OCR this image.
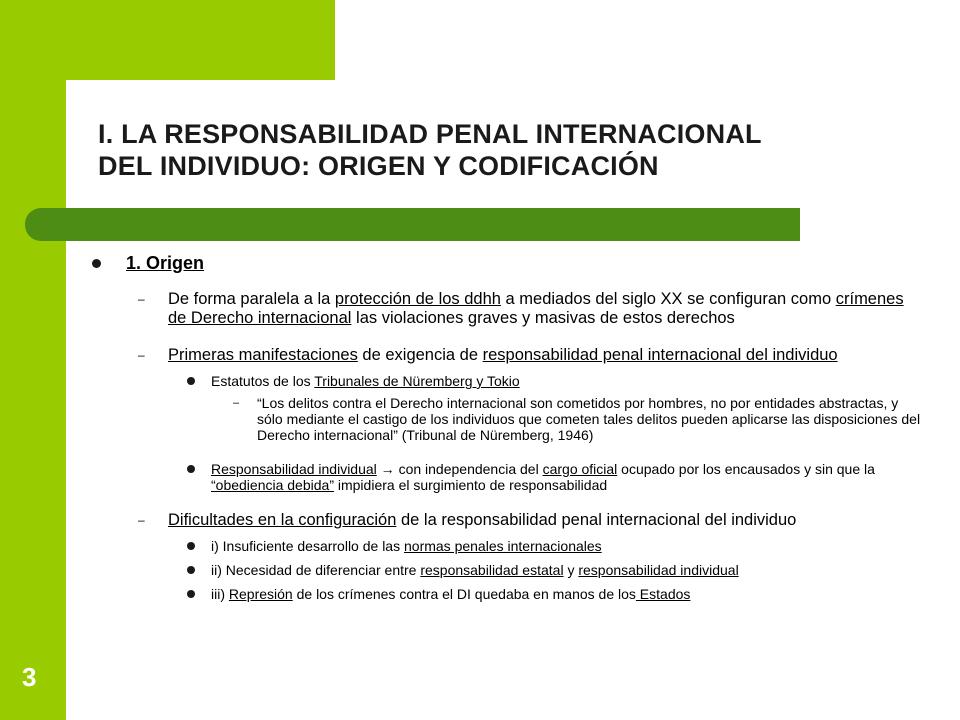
I. LA RESPONSABILIDAD PENAL INTERNACIONAL
DEL INDIVIDUO: ORIGEN Y CODIFICACIÓN
3
1. Origen
– De forma paralela a la protección de los ddhh a mediados del siglo XX se configuran como crímenes de Derecho internacional las violaciones graves y masivas de estos derechos
– Primeras manifestaciones de exigencia de responsabilidad penal internacional del individuo
Estatutos de los Tribunales de Nüremberg y Tokio
– “Los delitos contra el Derecho internacional son cometidos por hombres, no por entidades abstractas, y sólo mediante el castigo de los individuos que cometen tales delitos pueden aplicarse las disposiciones del Derecho internacional” (Tribunal de Nüremberg, 1946)
Responsabilidad individual → con independencia del cargo oficial ocupado por los encausados y sin que la “obediencia debida” impidiera el surgimiento de responsabilidad
– Dificultades en la configuración de la responsabilidad penal internacional del individuo
i) Insuficiente desarrollo de las normas penales internacionales
ii) Necesidad de diferenciar entre responsabilidad estatal y responsabilidad individual
iii) Represión de los crímenes contra el DI quedaba en manos de los Estados
